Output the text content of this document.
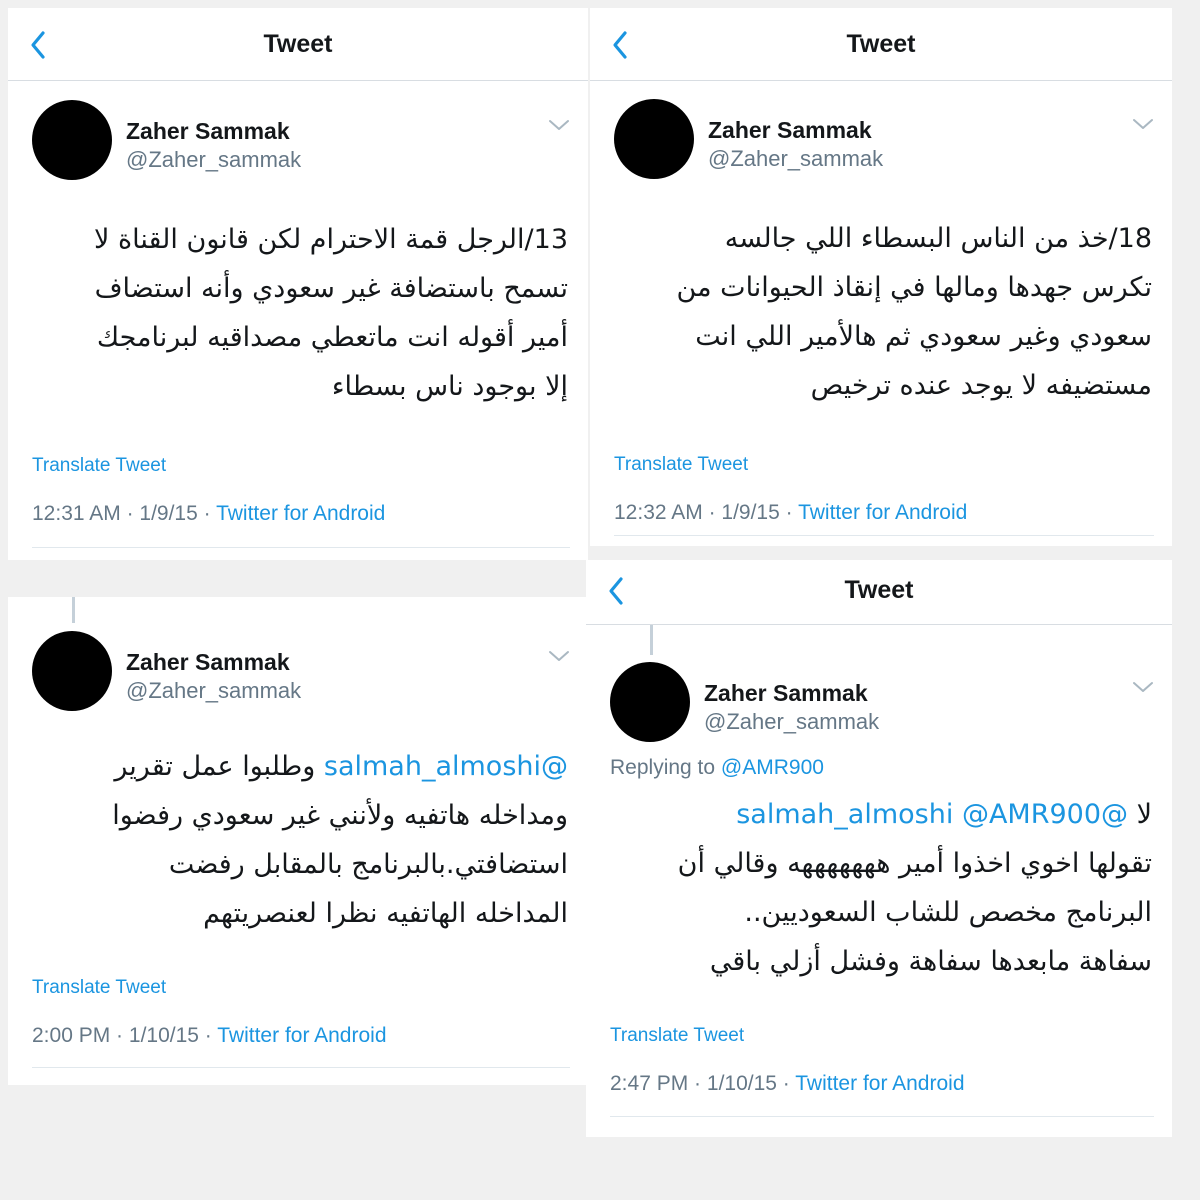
Tweet
Zaher Sammak
@Zaher_sammak
13/الرجل قمة الاحترام لكن قانون القناة لا
تسمح باستضافة غير سعودي وأنه استضاف
أمير أقوله انت ماتعطي مصداقيه لبرنامجك
إلا بوجود ناس بسطاء
Translate Tweet
12:31 AM · 1/9/15 · Twitter for Android
Tweet
Zaher Sammak
@Zaher_sammak
18/خذ من الناس البسطاء اللي جالسه
تكرس جهدها ومالها في إنقاذ الحيوانات من
سعودي وغير سعودي ثم هالأمير اللي انت
مستضيفه لا يوجد عنده ترخيص
Translate Tweet
12:32 AM · 1/9/15 · Twitter for Android
Zaher Sammak
@Zaher_sammak
@salmah_almoshi وطلبوا عمل تقرير
ومداخله هاتفيه ولأنني غير سعودي رفضوا
استضافتي.بالبرنامج بالمقابل رفضت
المداخله الهاتفيه نظرا لعنصريتهم
Translate Tweet
2:00 PM · 1/10/15 · Twitter for Android
Tweet
Zaher Sammak
@Zaher_sammak
Replying to @AMR900
لا @salmah_almoshi @AMR900
تقولها اخوي اخذوا أمير هههههههه وقالي أن
البرنامج مخصص للشاب السعوديين..
سفاهة مابعدها سفاهة وفشل أزلي باقي
Translate Tweet
2:47 PM · 1/10/15 · Twitter for Android
